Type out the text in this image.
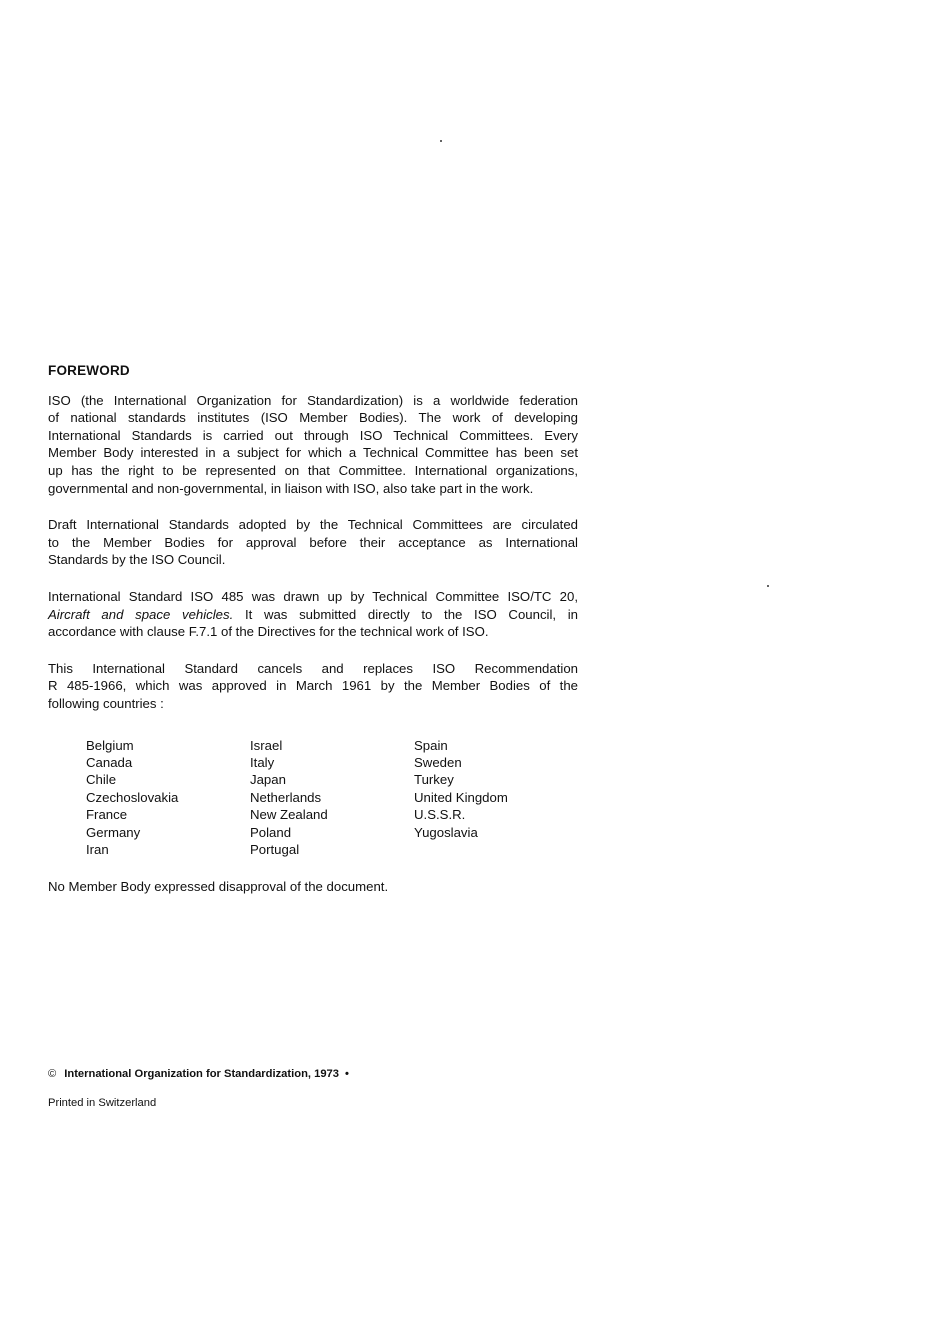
FOREWORD
ISO (the International Organization for Standardization) is a worldwide federation
of national standards institutes (ISO Member Bodies). The work of developing
International Standards is carried out through ISO Technical Committees. Every
Member Body interested in a subject for which a Technical Committee has been set
up has the right to be represented on that Committee. International organizations,
governmental and non-governmental, in liaison with ISO, also take part in the work.
Draft International Standards adopted by the Technical Committees are circulated
to the Member Bodies for approval before their acceptance as International
Standards by the ISO Council.
International Standard ISO 485 was drawn up by Technical Committee ISO/TC 20,
Aircraft and space vehicles. It was submitted directly to the ISO Council, in
accordance with clause F.7.1 of the Directives for the technical work of ISO.
This International Standard cancels and replaces ISO Recommendation
R 485-1966, which was approved in March 1961 by the Member Bodies of the
following countries :
Belgium
Canada
Chile
Czechoslovakia
France
Germany
Iran
Israel
Italy
Japan
Netherlands
New Zealand
Poland
Portugal
Spain
Sweden
Turkey
United Kingdom
U.S.S.R.
Yugoslavia
No Member Body expressed disapproval of the document.
© International Organization for Standardization, 1973 •
Printed in Switzerland
